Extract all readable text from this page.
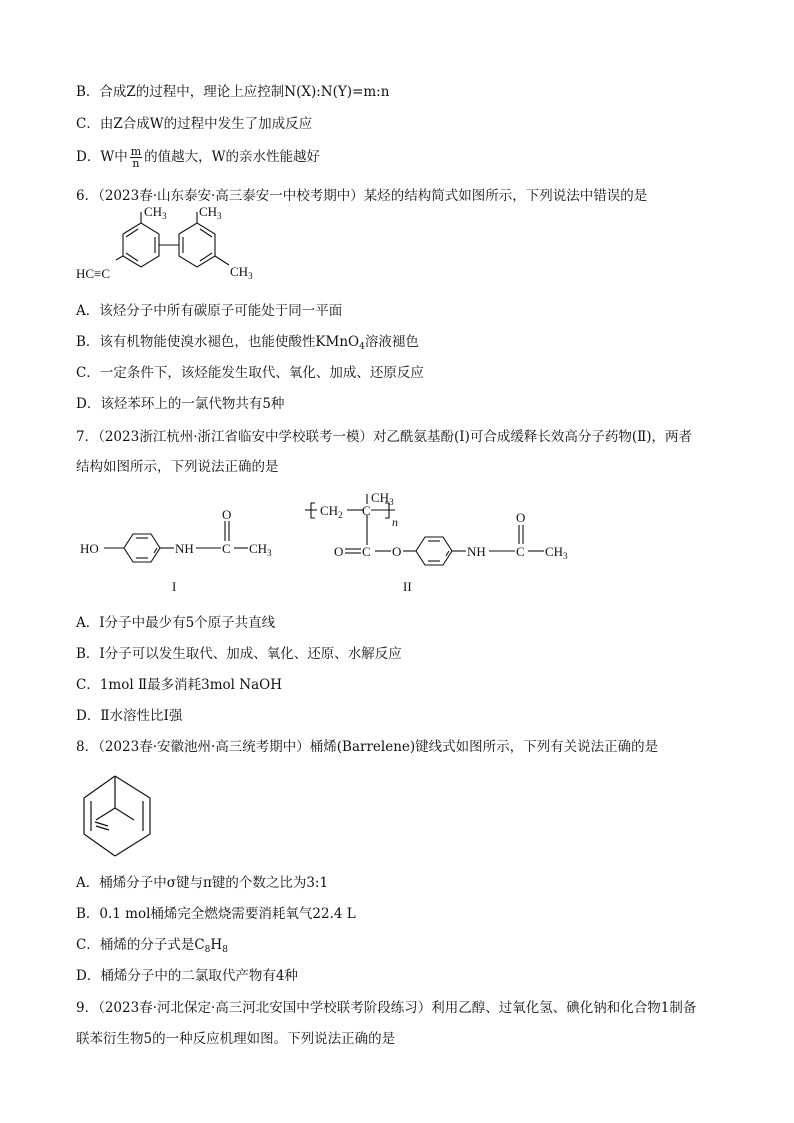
B．合成Z的过程中，理论上应控制N(X):N(Y)=m:n
C．由Z合成W的过程中发生了加成反应
D．W中 $\frac{m}{n}$ 的值越大，W的亲水性能越好
6．（2023春·山东泰安·高三泰安一中校考期中）某烃的结构简式如图所示，下列说法中错误的是
$CH_3$ $CH_3$
$CH_3$
HC≡C
A．该烃分子中所有碳原子可能处于同一平面
B．该有机物能使溴水褪色，也能使酸性KMnO$_4$溶液褪色
C．一定条件下，该烃能发生取代、氧化、加成、还原反应
D．该烃苯环上的一氯代物共有5种
7．（2023浙江杭州·浙江省临安中学校联考一模）对乙酰氨基酚(Ⅰ)可合成缓释长效高分子药物(Ⅱ)，两者
结构如图所示，下列说法正确的是
HO	NH C
O
$CH_3$
I
$CH_3$
$CH_2$ C
n
O C O	NH C
O
$CH_3$
II
A．Ⅰ分子中最少有5个原子共直线
B．Ⅰ分子可以发生取代、加成、氧化、还原、水解反应
C．1mol Ⅱ最多消耗3mol NaOH
D．Ⅱ水溶性比Ⅰ强
8．（2023春·安徽池州·高三统考期中）桶烯(Barrelene)键线式如图所示，下列有关说法正确的是
A．桶烯分子中σ键与π键的个数之比为3:1
B．0.1 mol桶烯完全燃烧需要消耗氧气22.4 L
C．桶烯的分子式是$C_8H_8$
D．桶烯分子中的二氯取代产物有4种
9．（2023春·河北保定·高三河北安国中学校联考阶段练习）利用乙醇、过氧化氢、碘化钠和化合物1制备
联苯衍生物5的一种反应机理如图。下列说法正确的是
